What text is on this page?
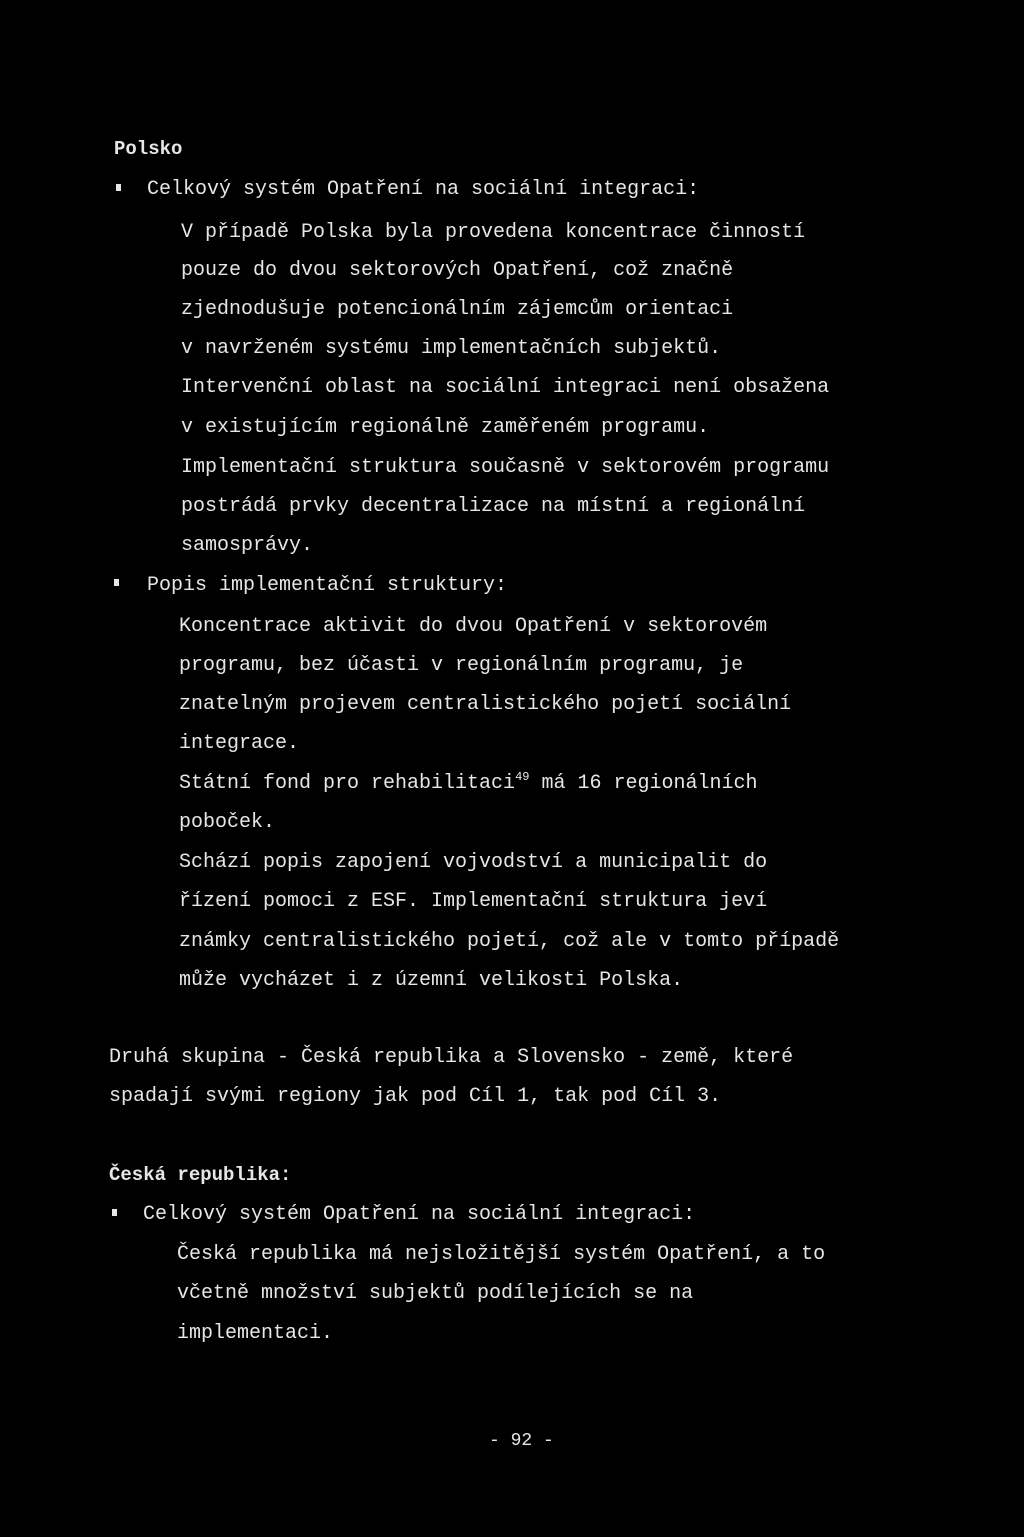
Polsko
Celkový systém Opatření na sociální integraci:
V případě Polska byla provedena koncentrace činností
pouze do dvou sektorových Opatření, což značně
zjednodušuje potencionálním zájemcům orientaci
v navrženém systému implementačních subjektů.
Intervenční oblast na sociální integraci není obsažena
v existujícím regionálně zaměřeném programu.
Implementační struktura současně v sektorovém programu
postrádá prvky decentralizace na místní a regionální
samosprávy.
Popis implementační struktury:
Koncentrace aktivit do dvou Opatření v sektorovém
programu, bez účasti v regionálním programu, je
znatelným projevem centralistického pojetí sociální
integrace.
Státní fond pro rehabilitaci$^{49}$ má 16 regionálních
poboček.
Schází popis zapojení vojvodství a municipalit do
řízení pomoci z ESF. Implementační struktura jeví
známky centralistického pojetí, což ale v tomto případě
může vycházet i z územní velikosti Polska.
Druhá skupina - Česká republika a Slovensko - země, které
spadají svými regiony jak pod Cíl 1, tak pod Cíl 3.
Česká republika:
Celkový systém Opatření na sociální integraci:
Česká republika má nejsložitější systém Opatření, a to
včetně množství subjektů podílejících se na
implementaci.
- 92 -
